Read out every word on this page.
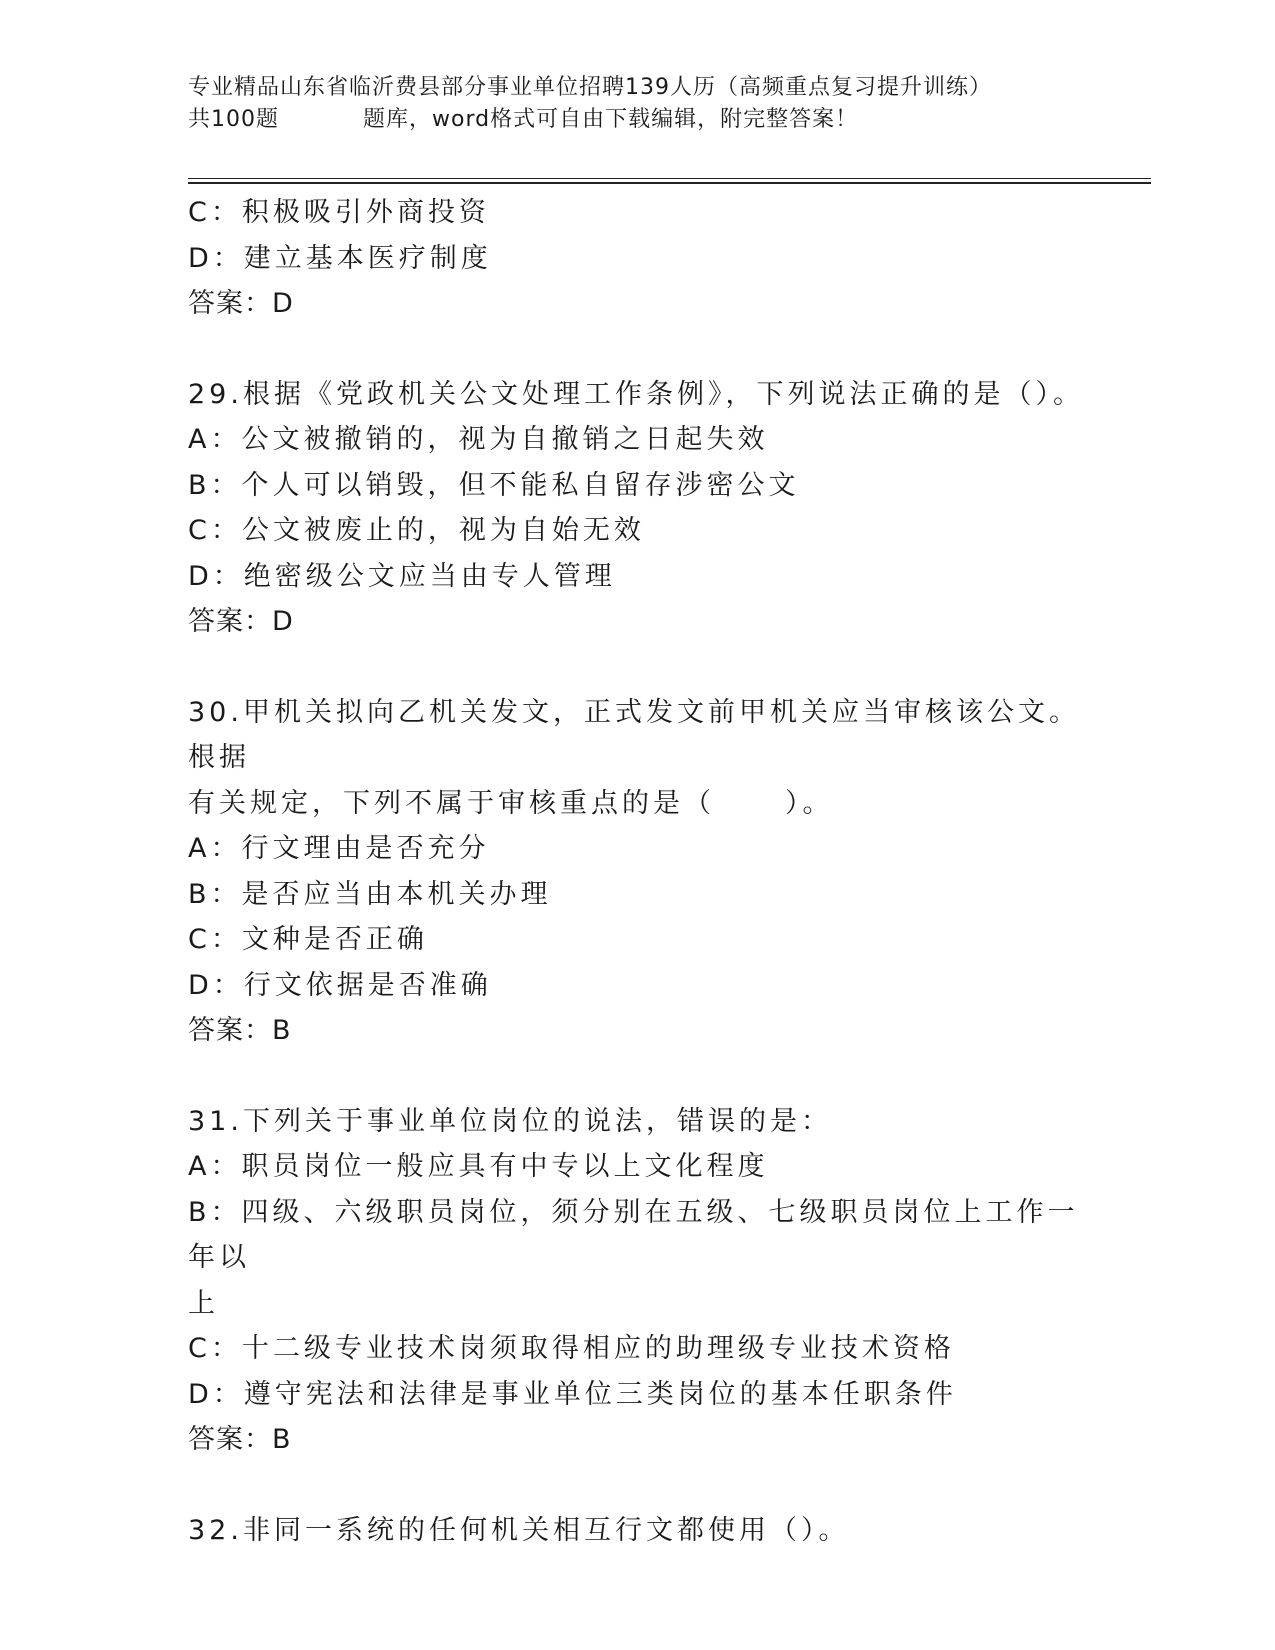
专业精品山东省临沂费县部分事业单位招聘139人历（高频重点复习提升训练）
共100题	题库，word格式可自由下载编辑，附完整答案！

C：积极吸引外商投资

D：建立基本医疗制度

答案：D

29.根据《党政机关公文处理工作条例》，下列说法正确的是（）。

A：公文被撤销的，视为自撤销之日起失效

B：个人可以销毁，但不能私自留存涉密公文

C：公文被废止的，视为自始无效

D：绝密级公文应当由专人管理

答案：D

30.甲机关拟向乙机关发文，正式发文前甲机关应当审核该公文。根据

有关规定，下列不属于审核重点的是（	）。

A：行文理由是否充分

B：是否应当由本机关办理

C：文种是否正确

D：行文依据是否准确

答案：B

31.下列关于事业单位岗位的说法，错误的是：

A：职员岗位一般应具有中专以上文化程度

B：四级、六级职员岗位，须分别在五级、七级职员岗位上工作一年以

上

C：十二级专业技术岗须取得相应的助理级专业技术资格

D：遵守宪法和法律是事业单位三类岗位的基本任职条件

答案：B

32.非同一系统的任何机关相互行文都使用（）。
